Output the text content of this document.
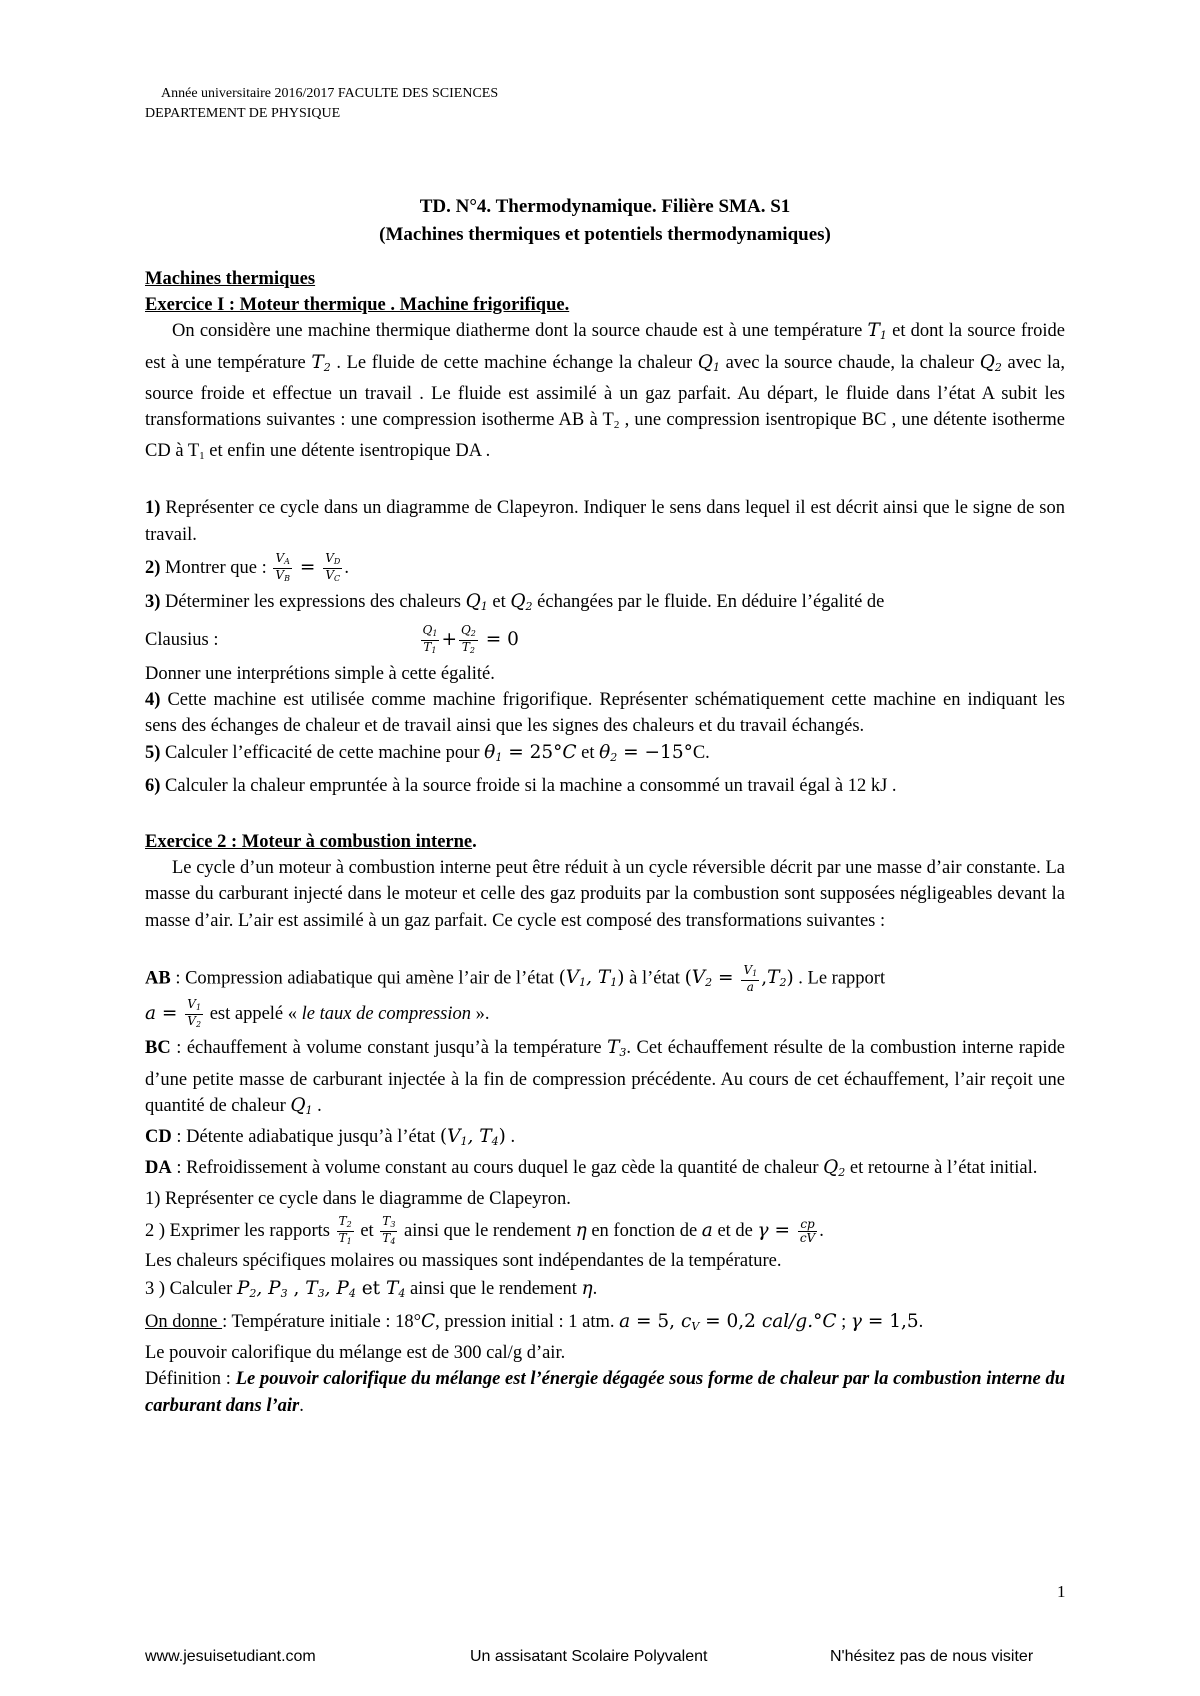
Année universitaire 2016/2017 FACULTE DES SCIENCES
DEPARTEMENT DE PHYSIQUE
TD. N°4. Thermodynamique. Filière SMA. S1
(Machines thermiques et potentiels thermodynamiques)

Machines thermiques

Exercice I : Moteur thermique . Machine frigorifique.

On considère une machine thermique diatherme dont la source chaude est à une température $T_1$ et dont la source froide est à une température $T_2$ . Le fluide de cette machine échange la chaleur $Q_1$ avec la source chaude, la chaleur $Q_2$ avec la, source froide et effectue un travail . Le fluide est assimilé à un gaz parfait. Au départ, le fluide dans l’état A subit les transformations suivantes : une compression isotherme AB à $T_2$ , une compression isentropique BC , une détente isotherme CD à $T_1$ et enfin une détente isentropique DA .

1) Représenter ce cycle dans un diagramme de Clapeyron. Indiquer le sens dans lequel il est décrit ainsi que le signe de son travail.

2) Montrer que : $\frac{V_A}{V_B} = \frac{V_D}{V_C}$ .

3) Déterminer les expressions des chaleurs $Q_1$ et $Q_2$ échangées par le fluide. En déduire l’égalité de

Clausius :	$\frac{Q_1}{T_1} + \frac{Q_2}{T_2} = 0$

Donner une interprétions simple à cette égalité.

4) Cette machine est utilisée comme machine frigorifique. Représenter schématiquement cette machine en indiquant les sens des échanges de chaleur et de travail ainsi que les signes des chaleurs et du travail échangés.

5) Calculer l’efficacité de cette machine pour $\theta_1 = 25^\circ C$ et $\theta_2 = -15^\circ C$.

6) Calculer la chaleur empruntée à la source froide si la machine a consommé un travail égal à 12 kJ .

Exercice 2 : Moteur à combustion interne.

Le cycle d’un moteur à combustion interne peut être réduit à un cycle réversible décrit par une masse d’air constante. La masse du carburant injecté dans le moteur et celle des gaz produits par la combustion sont supposées négligeables devant la masse d’air. L’air est assimilé à un gaz parfait. Ce cycle est composé des transformations suivantes :

AB : Compression adiabatique qui amène l’air de l’état ($V_1$, $T_1$) à l’état $(V_2 = \frac{V_1}{a} ,T_2)$ . Le rapport

$a = \frac{V_1}{V_2}$ est appelé « le taux de compression ».

BC : échauffement à volume constant jusqu’à la température $T_3$. Cet échauffement résulte de la combustion interne rapide d’une petite masse de carburant injectée à la fin de compression précédente. Au cours de cet échauffement, l’air reçoit une quantité de chaleur $Q_1$ .

CD : Détente adiabatique jusqu’à l’état ($V_1$, $T_4$) .

DA : Refroidissement à volume constant au cours duquel le gaz cède la quantité de chaleur $Q_2$ et retourne à l’état initial.

1) Représenter ce cycle dans le diagramme de Clapeyron.

2 ) Exprimer les rapports $\frac{T_2}{T_1}$ et $\frac{T_3}{T_4}$ ainsi que le rendement η en fonction de a et de $\gamma = \frac{cp}{cV}$ .

Les chaleurs spécifiques molaires ou massiques sont indépendantes de la température.

3 ) Calculer $P_2$, $P_3$ , $T_3$, $P_4$ et $T_4$ ainsi que le rendement η.

On donne : Température initiale : 18°C, pression initial : 1 atm. a = 5, $c_V = 0,2$ cal/g.°C ; γ = 1,5.

Le pouvoir calorifique du mélange est de 300 cal/g d’air.

Définition : Le pouvoir calorifique du mélange est l’énergie dégagée sous forme de chaleur par la combustion interne du carburant dans l’air.

1
www.jesuisetudiant.com	Un assisatant Scolaire Polyvalent	N'hésitez pas de nous visiter
